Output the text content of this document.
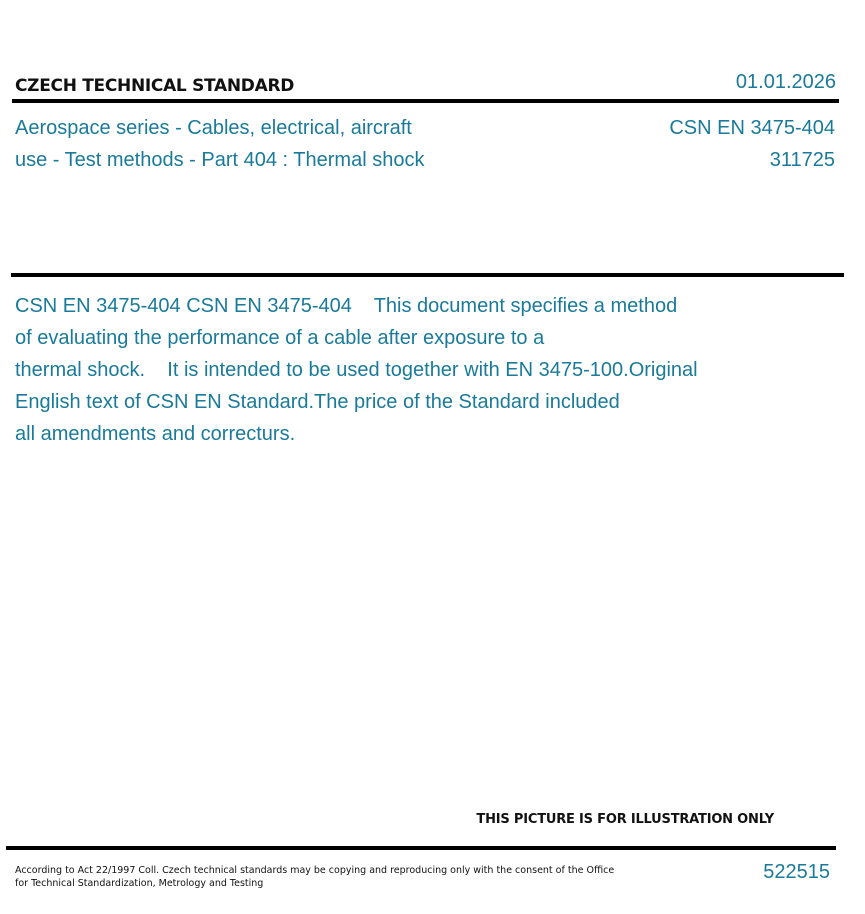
CZECH TECHNICAL STANDARD	01.01.2026
Aerospace series - Cables, electrical, aircraft
use - Test methods - Part 404 : Thermal shock
CSN EN 3475-404
311725
CSN EN 3475-404 CSN EN 3475-404    This document specifies a method
of evaluating the performance of a cable after exposure to a
thermal shock.    It is intended to be used together with EN 3475-100.Original
English text of CSN EN Standard.The price of the Standard included
all amendments and correcturs.
THIS PICTURE IS FOR ILLUSTRATION ONLY
According to Act 22/1997 Coll. Czech technical standards may be copying and reproducing only with the consent of the Office
for Technical Standardization, Metrology and Testing
522515
